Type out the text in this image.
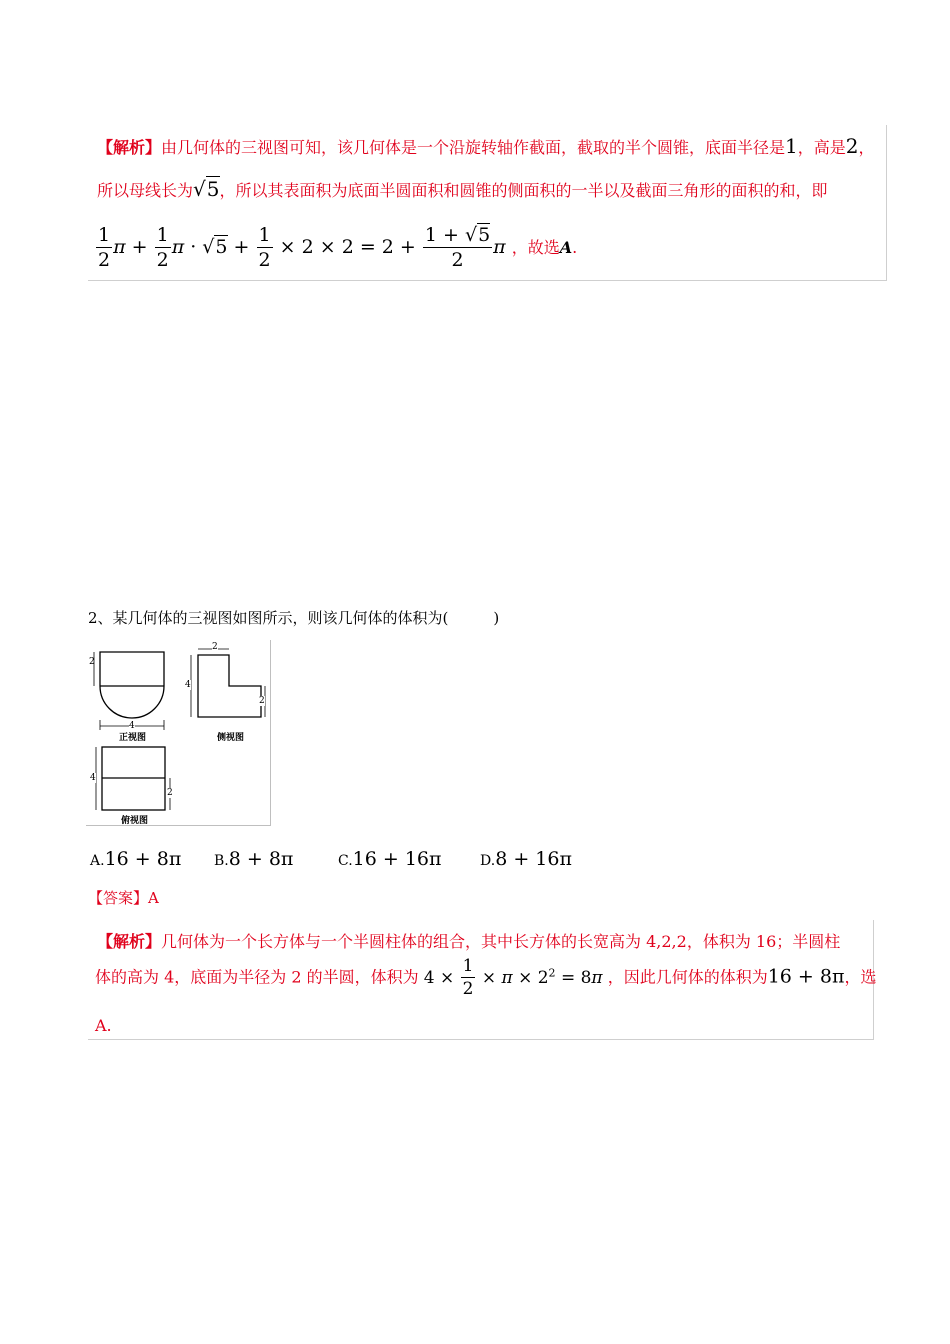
【解析】由几何体的三视图可知，该几何体是一个沿旋转轴作截面，截取的半个圆锥，底面半径是1，高是2，
所以母线长为√5，所以其表面积为底面半圆面积和圆锥的侧面积的一半以及截面三角形的面积的和，即
$\frac{1}{2}$ $\pi + \frac{1}{2}$ $\pi \cdot √5 + \frac{1}{2} \times 2 \times 2 = 2 + \frac{1 + √5}{2}$ π ，故选A.
2、某几何体的三视图如图所示，则该几何体的体积为(　　　)
2
4
2
4
2
4
2
正视图	侧视图
俯视图
A.16 + 8π B.8 + 8π	C.16 + 16π	D.8 + 16π
【答案】A
【解析】几何体为一个长方体与一个半圆柱体的组合，其中长方体的长宽高为 4,2,2，体积为 16；半圆柱
体的高为 4，底面为半径为 2 的半圆，体积为 $4 \times \frac{1}{2} \times \pi \times 2^2 = 8\pi$ ，因此几何体的体积为16 + 8π，选
A.
